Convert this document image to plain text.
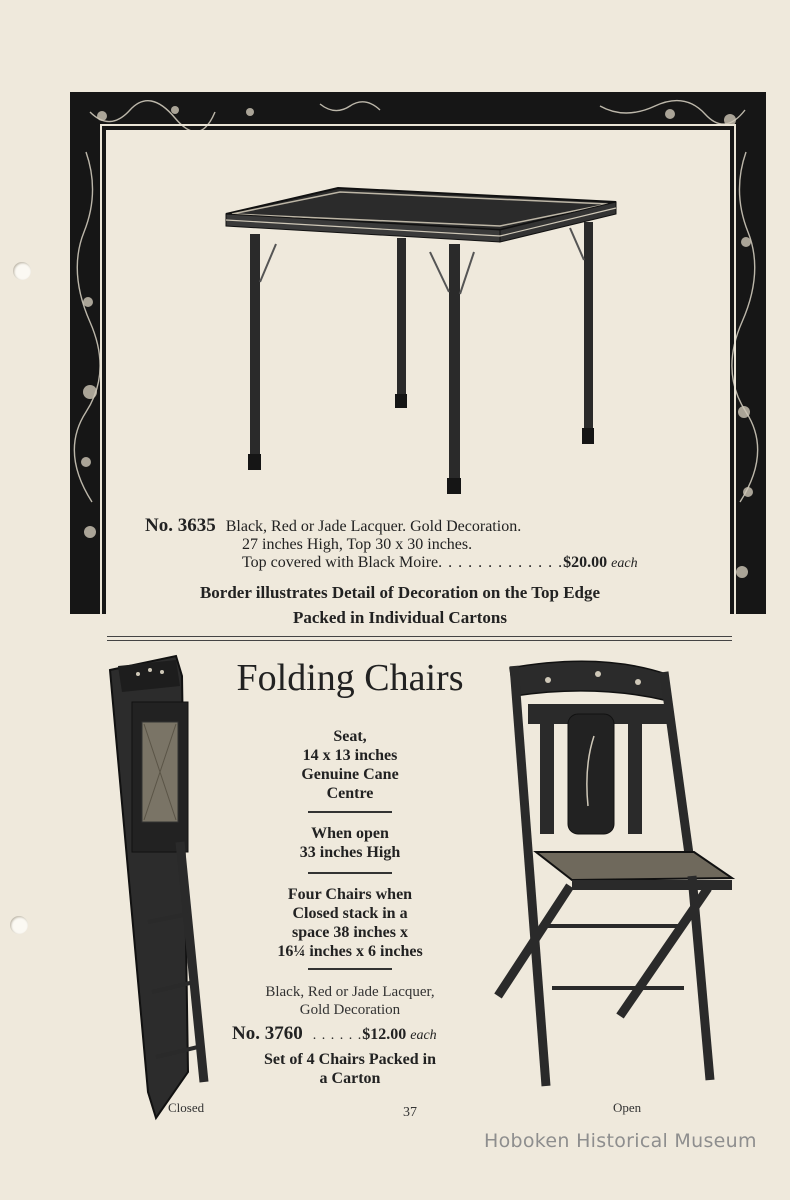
No. 3635 Black, Red or Jade Lacquer. Gold Decoration.
27 inches High, Top 30 x 30 inches.
Top covered with Black Moire. . . . . . . . . . . . .$20.00 each
Border illustrates Detail of Decoration on the Top Edge
Packed in Individual Cartons
Folding Chairs
Seat,
14 x 13 inches
Genuine Cane
Centre
When open
33 inches High
Four Chairs when
Closed stack in a
space 38 inches x
16¼ inches x 6 inches
Black, Red or Jade Lacquer,
Gold Decoration
No. 3760 . . . . . .$12.00 each
Set of 4 Chairs Packed in
a Carton
Closed	Open
37
Hoboken Historical Museum
